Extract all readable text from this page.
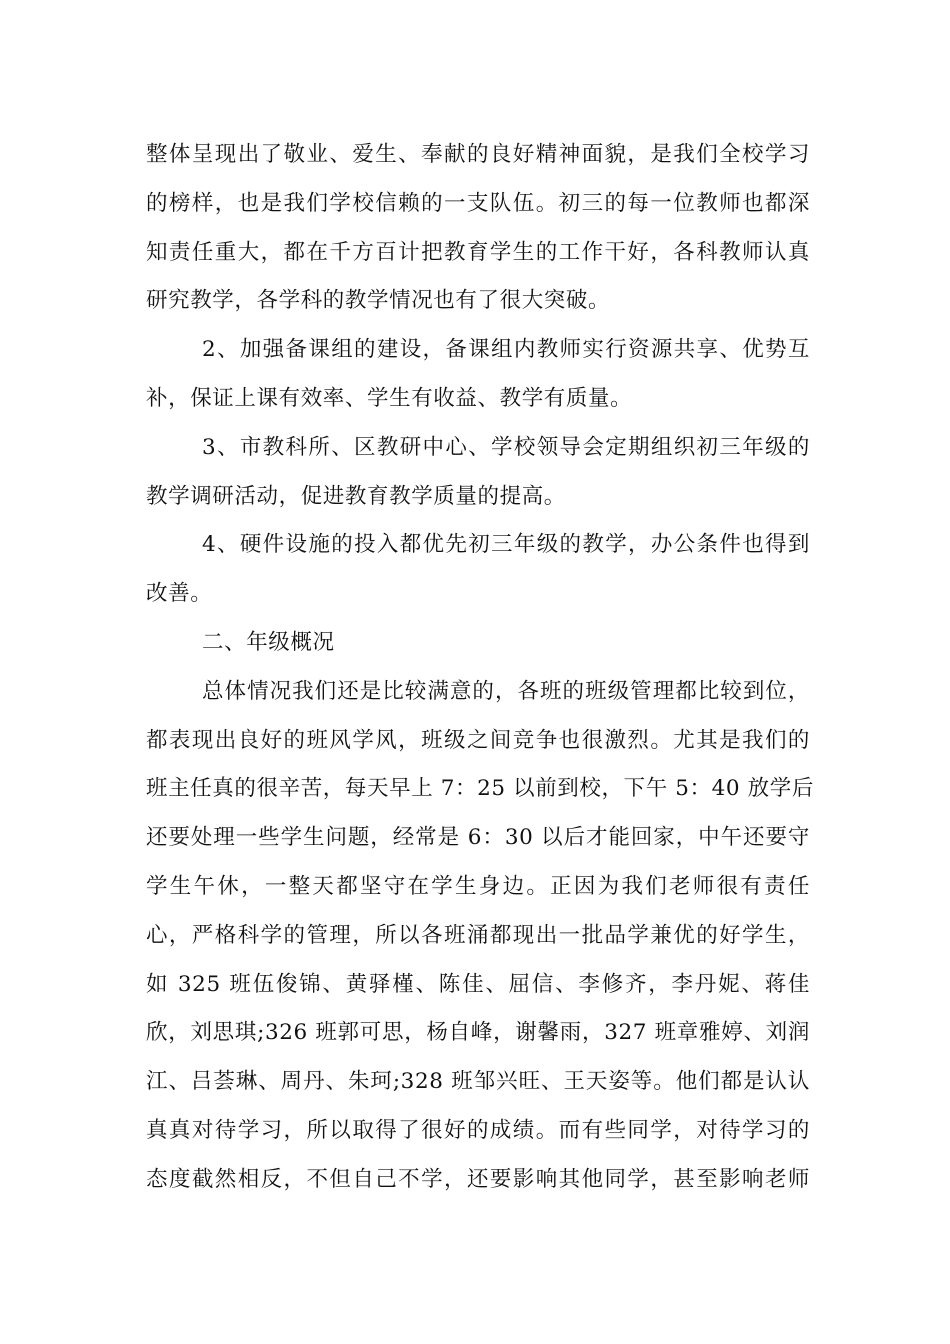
整体呈现出了敬业、爱生、奉献的良好精神面貌，是我们全校学习
的榜样，也是我们学校信赖的一支队伍。初三的每一位教师也都深
知责任重大，都在千方百计把教育学生的工作干好，各科教师认真
研究教学，各学科的教学情况也有了很大突破。

2、加强备课组的建设，备课组内教师实行资源共享、优势互
补，保证上课有效率、学生有收益、教学有质量。

3、市教科所、区教研中心、学校领导会定期组织初三年级的
教学调研活动，促进教育教学质量的提高。

4、硬件设施的投入都优先初三年级的教学，办公条件也得到
改善。

二、年级概况

总体情况我们还是比较满意的，各班的班级管理都比较到位，
都表现出良好的班风学风，班级之间竞争也很激烈。尤其是我们的
班主任真的很辛苦，每天早上 7：25 以前到校，下午 5：40 放学后
还要处理一些学生问题，经常是 6：30 以后才能回家，中午还要守
学生午休，一整天都坚守在学生身边。正因为我们老师很有责任
心，严格科学的管理，所以各班涌都现出一批品学兼优的好学生，
如 325 班伍俊锦、黄驿槿、陈佳、屈信、李修齐，李丹妮、蒋佳
欣，刘思琪;326 班郭可思，杨自峰，谢馨雨，327 班章雅婷、刘润
江、吕荟琳、周丹、朱珂;328 班邹兴旺、王天姿等。他们都是认认
真真对待学习，所以取得了很好的成绩。而有些同学，对待学习的
态度截然相反，不但自己不学，还要影响其他同学，甚至影响老师
